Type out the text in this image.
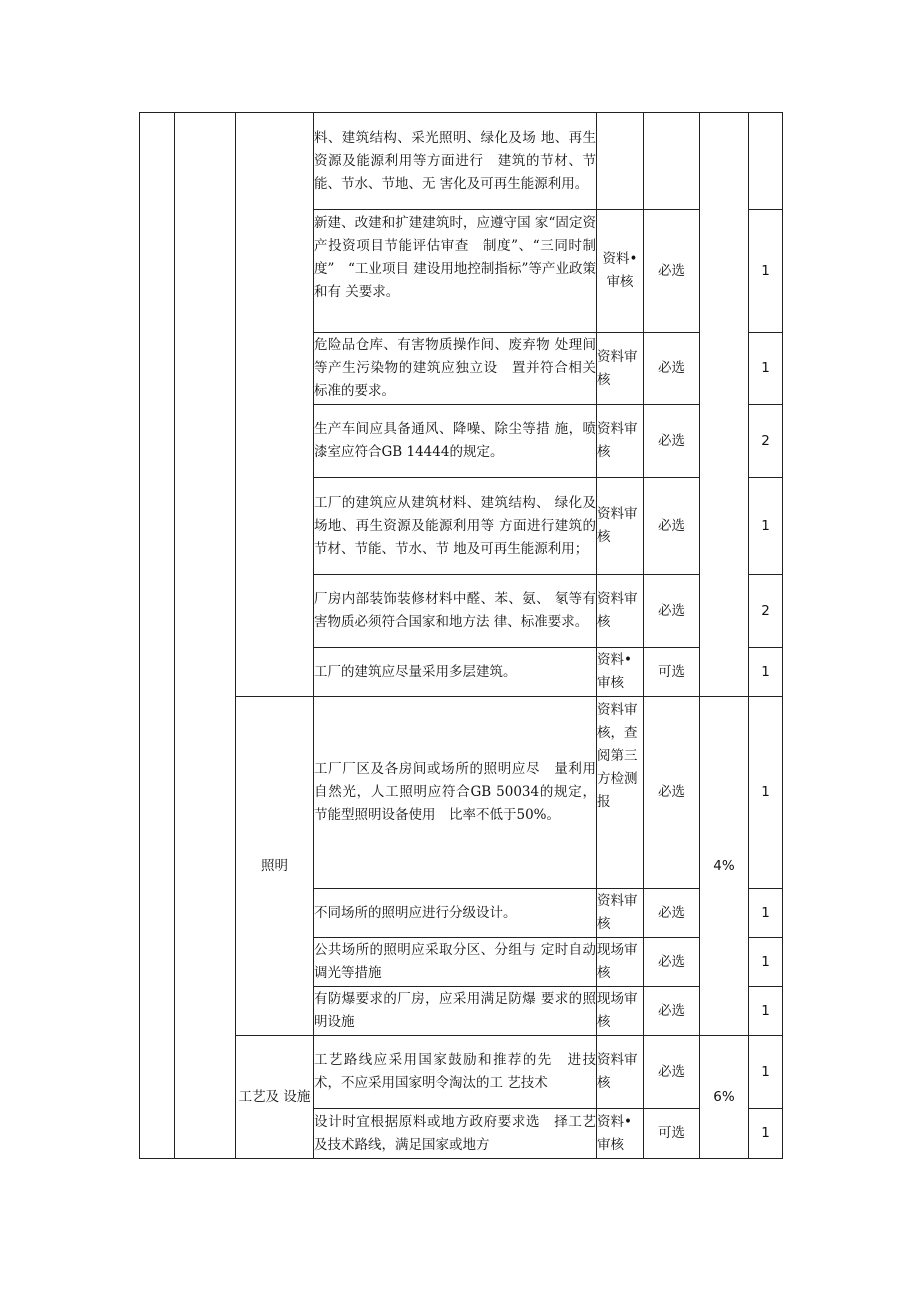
			料、建筑结构、采光照明、绿化及场 地、再生资源及能源利用等方面进行　建筑的节材、节能、节水、节地、无 害化及可再生能源利用。				
			新建、改建和扩建建筑时，应遵守国 家“固定资产投资项目节能评估审查　制度”、“三同时制度”　“工业项目 建设用地控制指标”等产业政策和有 关要求。	资料•审核	必选		1
			危险品仓库、有害物质操作间、废弃物 处理间等产生污染物的建筑应独立设　置并符合相关标准的要求。	资料审核	必选		1
			生产车间应具备通风、降噪、除尘等措 施，喷漆室应符合GB 14444的规定。	资料审核	必选		2
			工厂的建筑应从建筑材料、建筑结构、 绿化及场地、再生资源及能源利用等 方面进行建筑的节材、节能、节水、节 地及可再生能源利用；	资料审核	必选		1
			厂房内部装饰装修材料中醛、苯、氨、 氡等有害物质必须符合国家和地方法 律、标准要求。	资料审核	必选		2
			工厂的建筑应尽量采用多层建筑。	资料•审核	可选		1
		照明	工厂厂区及各房间或场所的照明应尽　量利用自然光，人工照明应符合GB 50034的规定，节能型照明设备使用　比率不低于50%。	资料审核，查阅第三方检测报	必选	4%	1
			不同场所的照明应进行分级设计。	资料审核	必选		1
			公共场所的照明应采取分区、分组与 定时自动调光等措施	现场审核	必选		1
			有防爆要求的厂房，应采用满足防爆 要求的照明设施	现场审核	必选		1
		工艺及 设施	工艺路线应采用国家鼓励和推荐的先　进技术，不应采用国家明令淘汰的工 艺技术	资料审核	必选	6%	1
			设计时宜根据原料或地方政府要求选　择工艺及技术路线，满足国家或地方	资料•审核	可选		1
